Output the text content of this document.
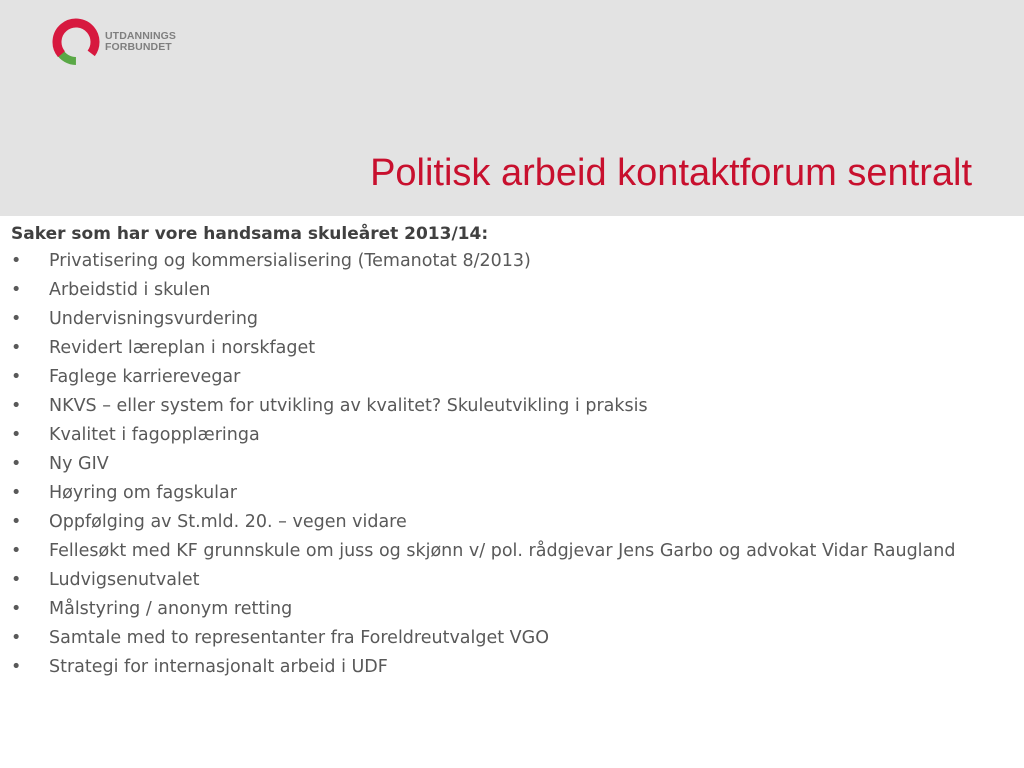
UTDANNINGS
FORBUNDET
Politisk arbeid kontaktforum sentralt

Saker som har vore handsama skuleåret 2013/14:

•	Privatisering og kommersialisering (Temanotat 8/2013)
•	Arbeidstid i skulen
•	Undervisningsvurdering
•	Revidert læreplan i norskfaget
•	Faglege karrierevegar
•	NKVS – eller system for utvikling av kvalitet? Skuleutvikling i praksis
•	Kvalitet i fagopplæringa
•	Ny GIV
•	Høyring om fagskular
•	Oppfølging av St.mld. 20. – vegen vidare
•	Fellesøkt med KF grunnskule om juss og skjønn v/ pol. rådgjevar Jens Garbo og advokat Vidar Raugland
•	Ludvigsenutvalet
•	Målstyring / anonym retting
•	Samtale med to representanter fra Foreldreutvalget VGO
•	Strategi for internasjonalt arbeid i UDF
